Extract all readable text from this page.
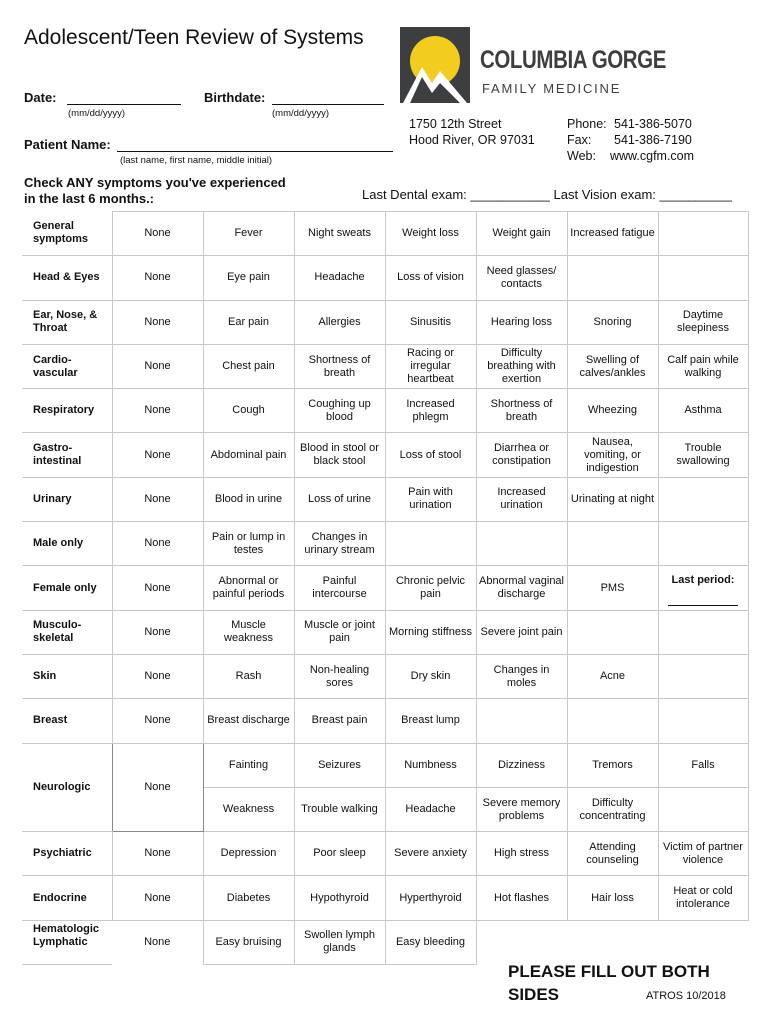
Adolescent/Teen Review of Systems
Date:
(mm/dd/yyyy)
Birthdate:
(mm/dd/yyyy)
Patient Name:
(last name, first name, middle initial)
COLUMBIA GORGE
FAMILY MEDICINE
1750 12th Street
Hood River, OR 97031
Phone: 541-386-5070
Fax: 541-386-7190
Web: www.cgfm.com
Check ANY symptoms you've experienced
in the last 6 months.:	Last Dental exam: ___________ Last Vision exam: __________
General symptoms	None	Fever	Night sweats	Weight loss	Weight gain	Increased fatigue	
Head & Eyes	None	Eye pain	Headache	Loss of vision	Need glasses/ contacts		
Ear, Nose, & Throat	None	Ear pain	Allergies	Sinusitis	Hearing loss	Snoring	Daytime sleepiness
Cardio-vascular	None	Chest pain	Shortness of breath	Racing or irregular heartbeat	Difficulty breathing with exertion	Swelling of calves/ankles	Calf pain while walking
Respiratory	None	Cough	Coughing up blood	Increased phlegm	Shortness of breath	Wheezing	Asthma
Gastro-intestinal	None	Abdominal pain	Blood in stool or black stool	Loss of stool	Diarrhea or constipation	Nausea, vomiting, or indigestion	Trouble swallowing
Urinary	None	Blood in urine	Loss of urine	Pain with urination	Increased urination	Urinating at night	
Male only	None	Pain or lump in testes	Changes in urinary stream				
Female only	None	Abnormal or painful periods	Painful intercourse	Chronic pelvic pain	Abnormal vaginal discharge	PMS	Last period:

Musculo-skeletal	None	Muscle weakness	Muscle or joint pain	Morning stiffness	Severe joint pain		
Skin	None	Rash	Non-healing sores	Dry skin	Changes in moles	Acne	
Breast	None	Breast discharge	Breast pain	Breast lump			
Neurologic	None	Fainting	Seizures	Numbness	Dizziness	Tremors	Falls
		Weakness	Trouble walking	Headache	Severe memory problems	Difficulty concentrating	
Psychiatric	None	Depression	Poor sleep	Severe anxiety	High stress	Attending counseling	Victim of partner violence
Endocrine	None	Diabetes	Hypothyroid	Hyperthyroid	Hot flashes	Hair loss	Heat or cold intolerance
Hematologic Lymphatic	None	Easy bruising	Swollen lymph glands	Easy bleeding			
PLEASE FILL OUT BOTH
SIDES	ATROS 10/2018
